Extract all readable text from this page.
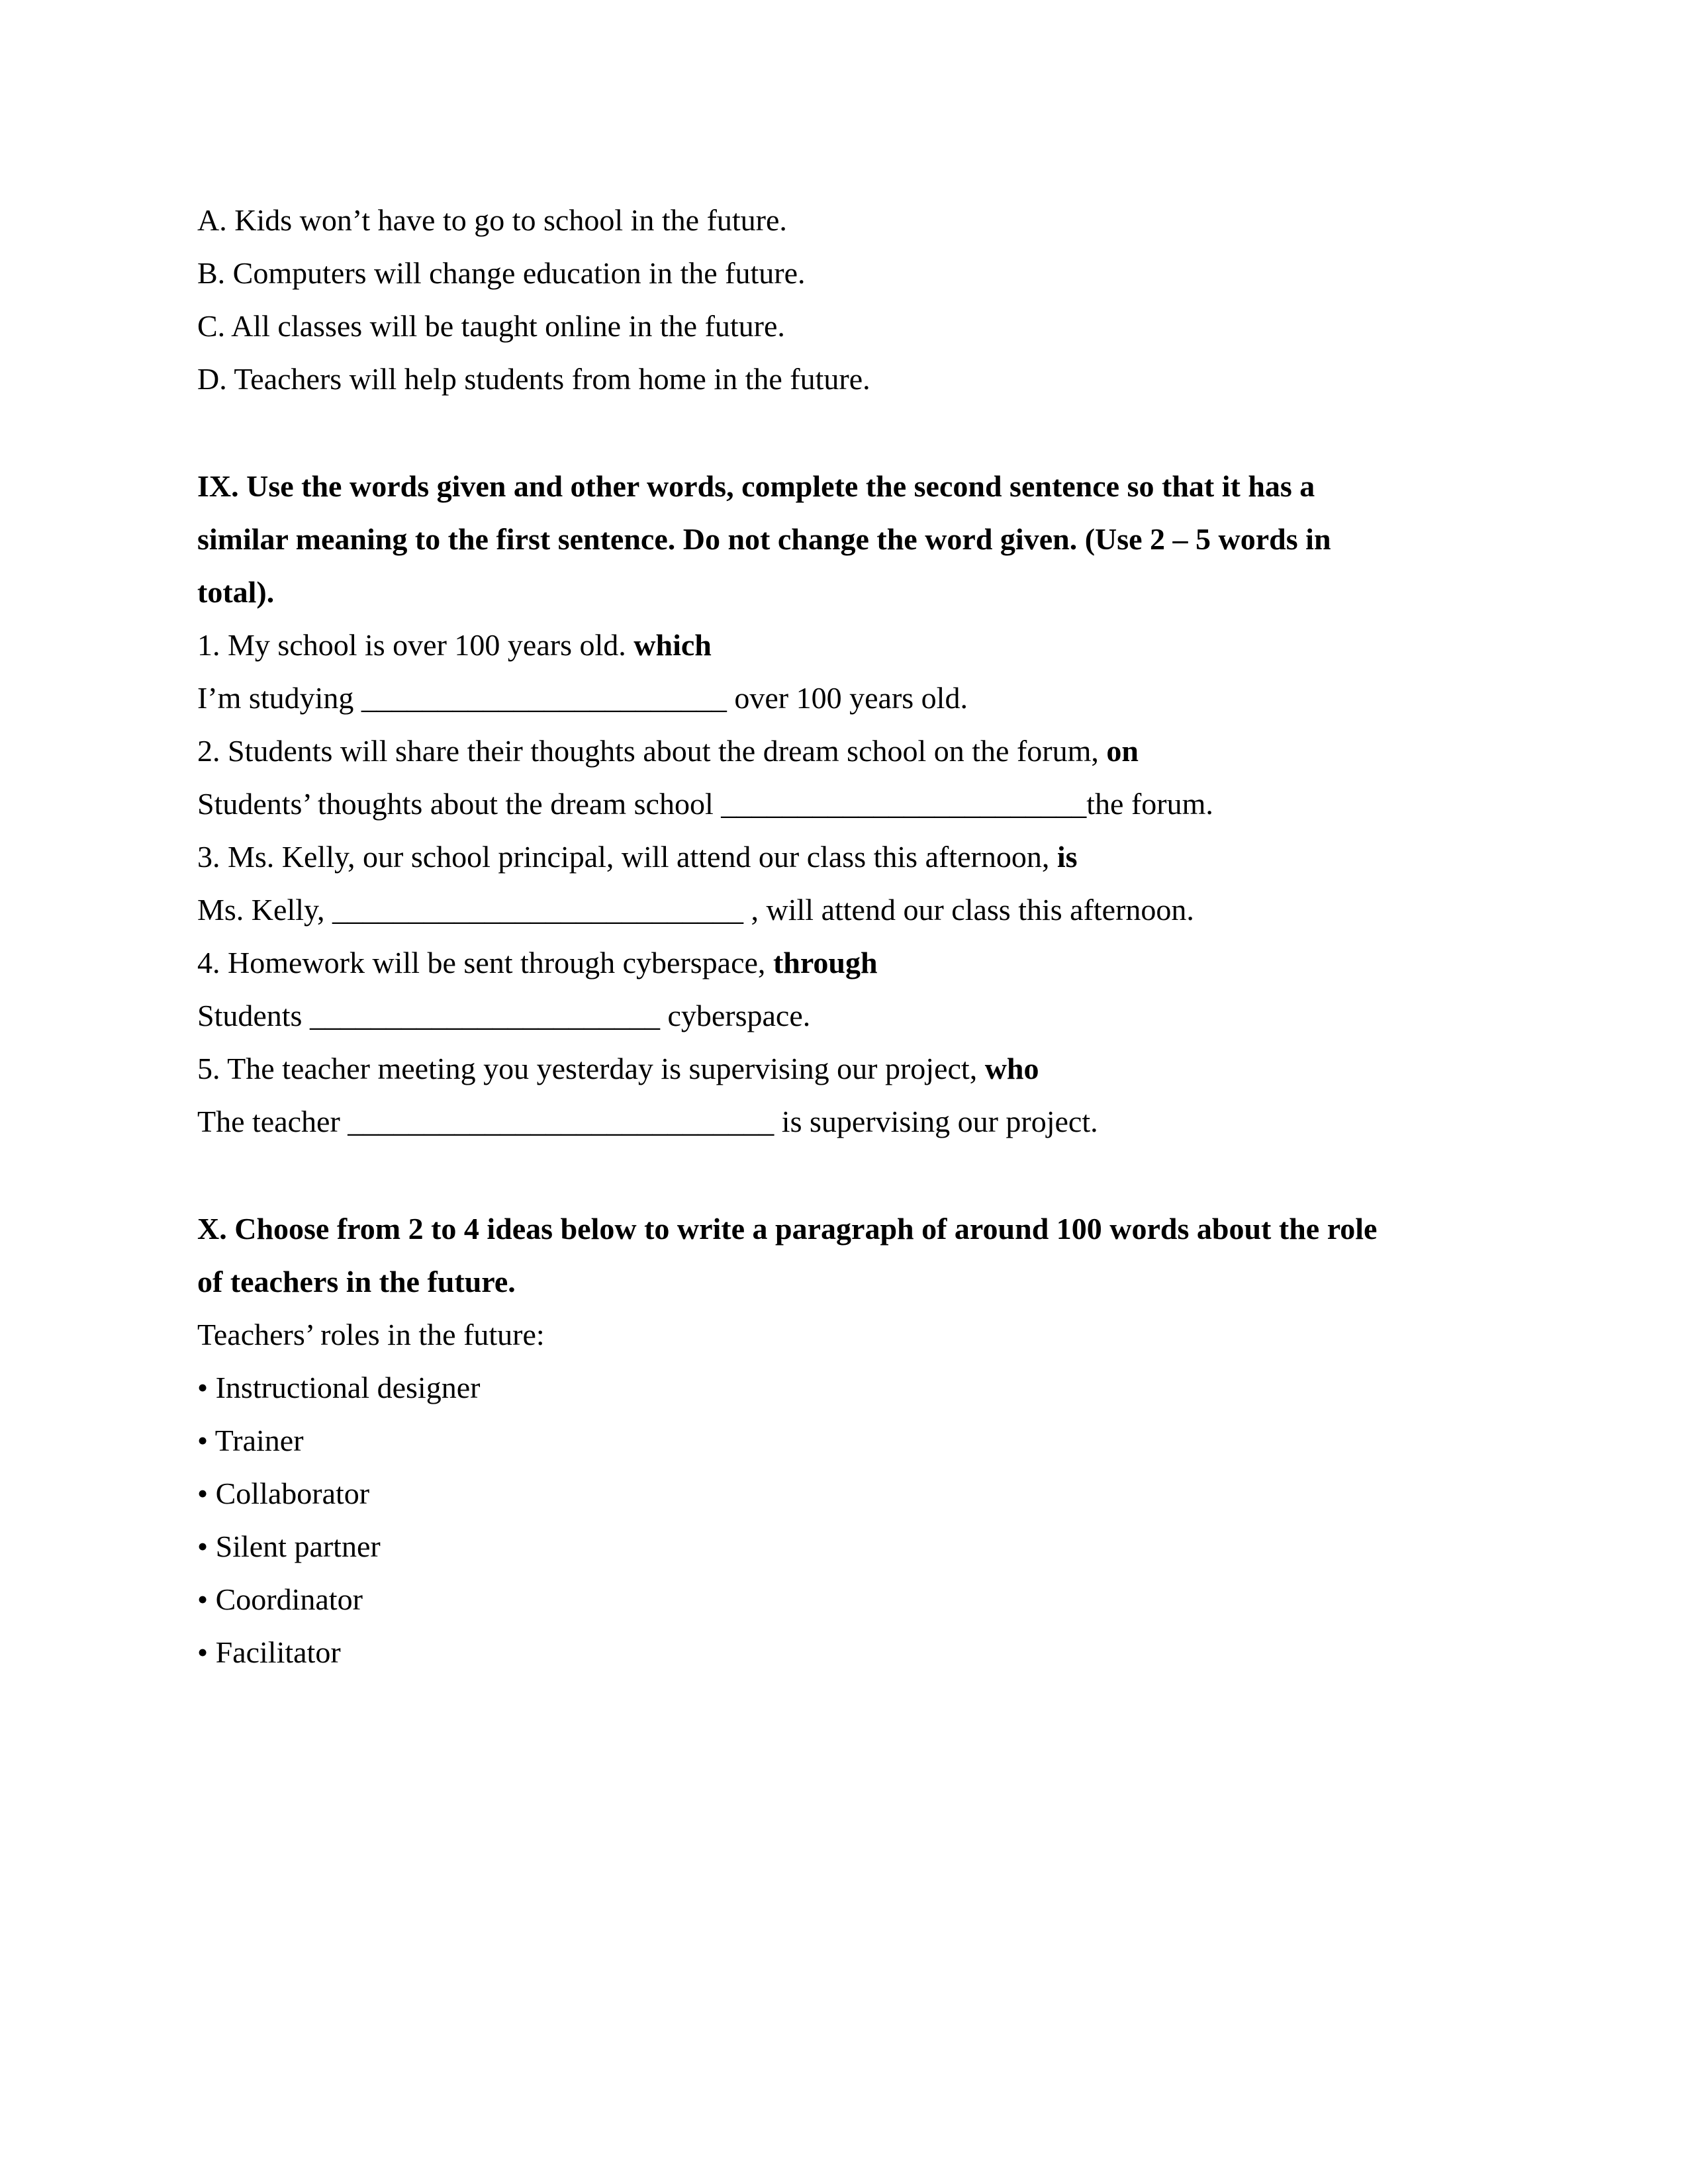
A. Kids won’t have to go to school in the future.
B. Computers will change education in the future.
C. All classes will be taught online in the future.
D. Teachers will help students from home in the future.
IX. Use the words given and other words, complete the second sentence so that it has a
similar meaning to the first sentence. Do not change the word given. (Use 2 – 5 words in
total).
1. My school is over 100 years old. which
I’m studying ________________________ over 100 years old.
2. Students will share their thoughts about the dream school on the forum, on
Students’ thoughts about the dream school ________________________the forum.
3. Ms. Kelly, our school principal, will attend our class this afternoon, is
Ms. Kelly, ___________________________ , will attend our class this afternoon.
4. Homework will be sent through cyberspace, through
Students _______________________ cyberspace.
5. The teacher meeting you yesterday is supervising our project, who
The teacher ____________________________ is supervising our project.
X. Choose from 2 to 4 ideas below to write a paragraph of around 100 words about the role
of teachers in the future.
Teachers’ roles in the future:
• Instructional designer
• Trainer
• Collaborator
• Silent partner
• Coordinator
• Facilitator
